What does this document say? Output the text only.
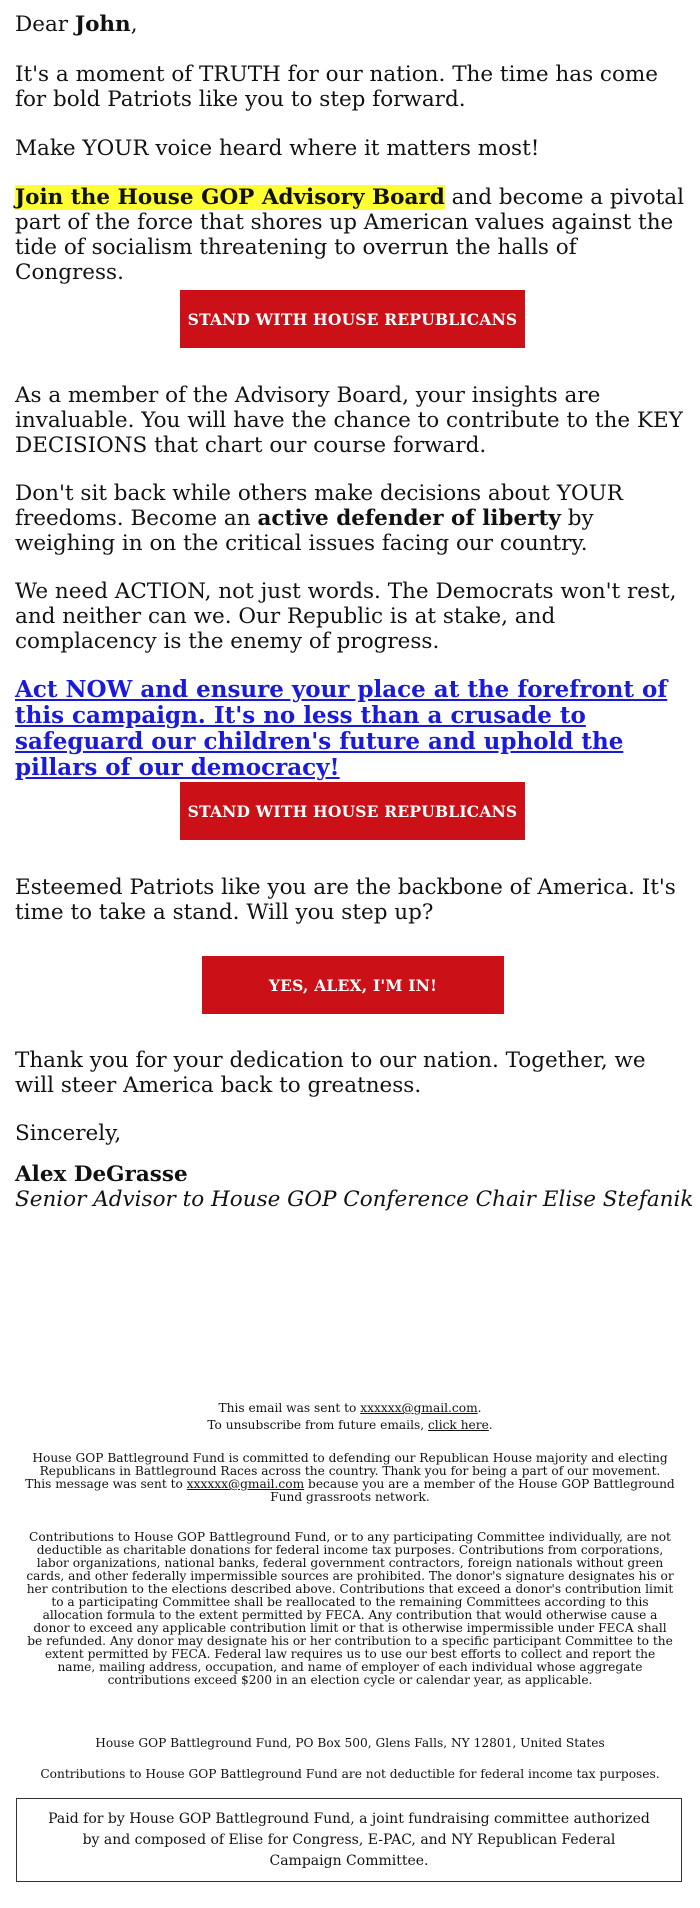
Dear John,

It's a moment of TRUTH for our nation. The time has come for bold Patriots like you to step forward.

Make YOUR voice heard where it matters most!

Join the House GOP Advisory Board and become a pivotal part of the force that shores up American values against the tide of socialism threatening to overrun the halls of Congress.

STAND WITH HOUSE REPUBLICANS

As a member of the Advisory Board, your insights are invaluable. You will have the chance to contribute to the KEY DECISIONS that chart our course forward.

Don't sit back while others make decisions about YOUR freedoms. Become an active defender of liberty by weighing in on the critical issues facing our country.

We need ACTION, not just words. The Democrats won't rest, and neither can we. Our Republic is at stake, and complacency is the enemy of progress.

Act NOW and ensure your place at the forefront of this campaign. It's no less than a crusade to safeguard our children's future and uphold the pillars of our democracy!

STAND WITH HOUSE REPUBLICANS

Esteemed Patriots like you are the backbone of America. It's time to take a stand. Will you step up?

YES, ALEX, I'M IN!

Thank you for your dedication to our nation. Together, we will steer America back to greatness.

Sincerely,

Alex DeGrasse
Senior Advisor to House GOP Conference Chair Elise Stefanik

This email was sent to xxxxxx@gmail.com.
To unsubscribe from future emails, click here.

House GOP Battleground Fund is committed to defending our Republican House majority and electing Republicans in Battleground Races across the country. Thank you for being a part of our movement. This message was sent to xxxxxx@gmail.com because you are a member of the House GOP Battleground Fund grassroots network.

Contributions to House GOP Battleground Fund, or to any participating Committee individually, are not deductible as charitable donations for federal income tax purposes. Contributions from corporations, labor organizations, national banks, federal government contractors, foreign nationals without green cards, and other federally impermissible sources are prohibited. The donor's signature designates his or her contribution to the elections described above. Contributions that exceed a donor's contribution limit to a participating Committee shall be reallocated to the remaining Committees according to this allocation formula to the extent permitted by FECA. Any contribution that would otherwise cause a donor to exceed any applicable contribution limit or that is otherwise impermissible under FECA shall be refunded. Any donor may designate his or her contribution to a specific participant Committee to the extent permitted by FECA. Federal law requires us to use our best efforts to collect and report the name, mailing address, occupation, and name of employer of each individual whose aggregate contributions exceed $200 in an election cycle or calendar year, as applicable.

House GOP Battleground Fund, PO Box 500, Glens Falls, NY 12801, United States

Contributions to House GOP Battleground Fund are not deductible for federal income tax purposes.

Paid for by House GOP Battleground Fund, a joint fundraising committee authorized by and composed of Elise for Congress, E-PAC, and NY Republican Federal Campaign Committee.
